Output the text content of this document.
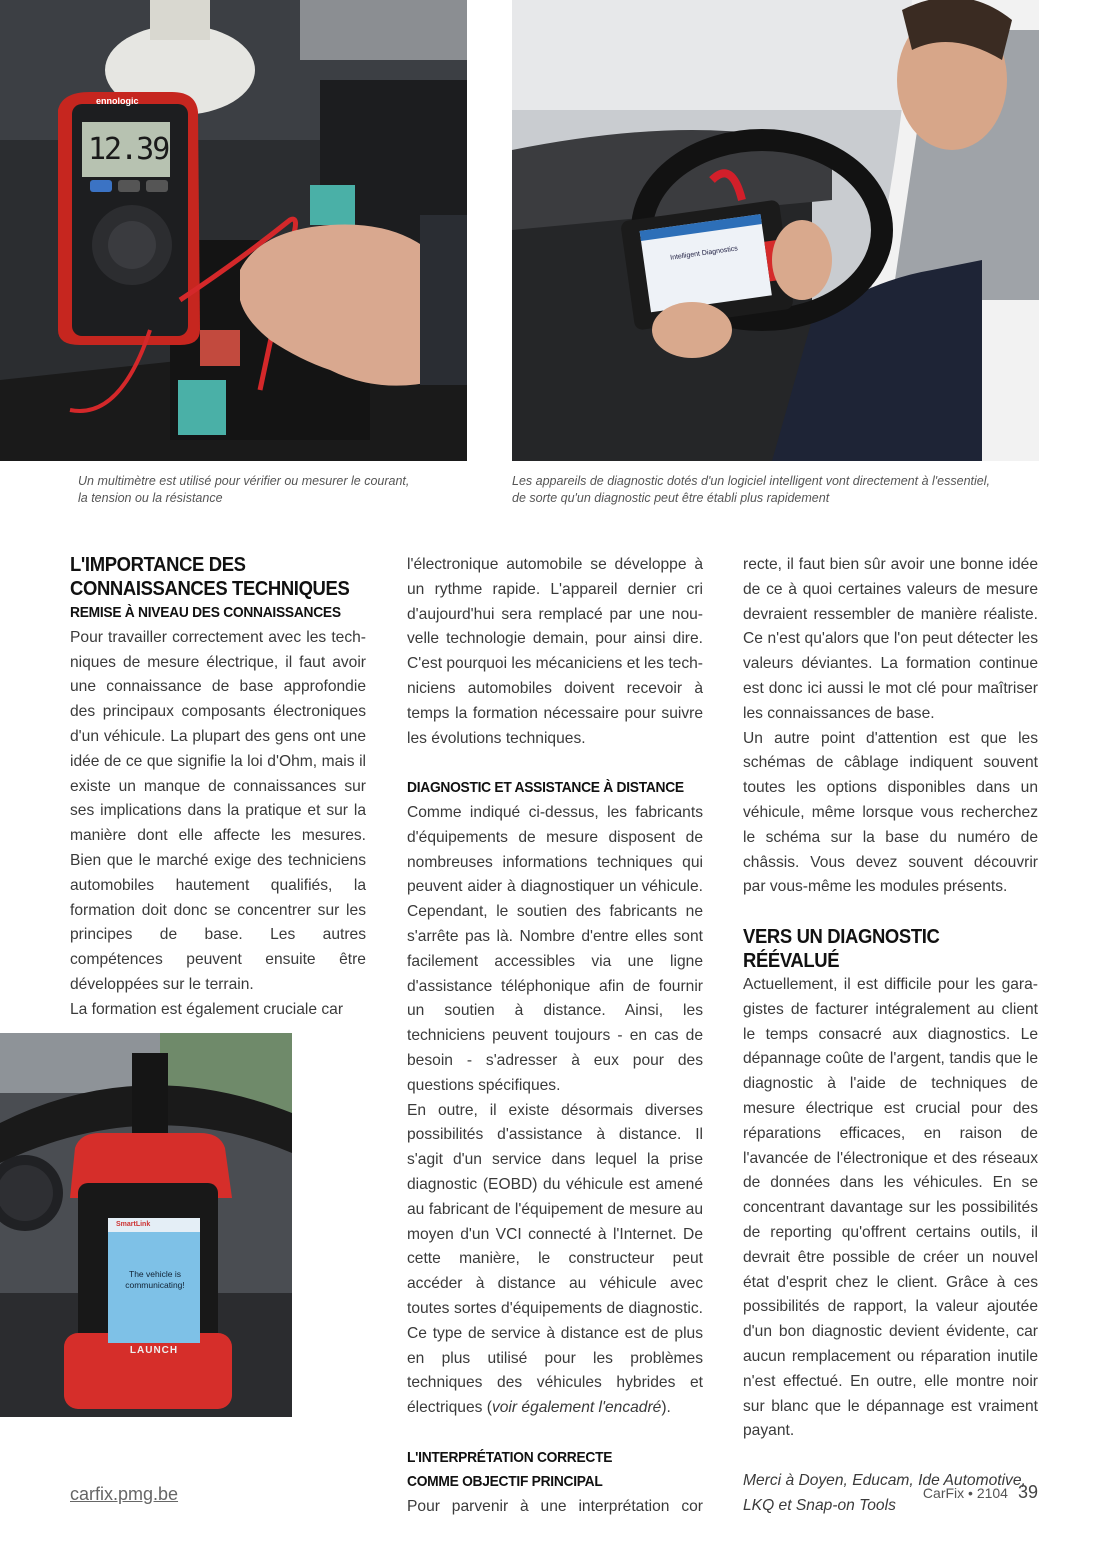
ennologic
12.39
Intelligent Diagnostics
Un multimètre est utilisé pour vérifier ou mesurer le courant,
la tension ou la résistance
Les appareils de diagnostic dotés d'un logiciel intelligent vont directement à l'essentiel,
de sorte qu'un diagnostic peut être établi plus rapidement
SmartLink
The vehicle is communicating!
LAUNCH
L'IMPORTANCE DES CONNAISSANCES TECHNIQUES
REMISE À NIVEAU DES CONNAISSANCES

Pour travailler correctement avec les techniques de mesure électrique, il faut avoir une connaissance de base approfondie des principaux composants électroniques d'un véhicule. La plupart des gens ont une idée de ce que signifie la loi d'Ohm, mais il existe un manque de connaissances sur ses implications dans la pratique et sur la manière dont elle affecte les mesures. Bien que le marché exige des techniciens automobiles hautement qualifiés, la formation doit donc se concentrer sur les principes de base. Les autres compétences peuvent ensuite être développées sur le terrain.

La formation est également cruciale car

l'électronique automobile se développe à un rythme rapide. L'appareil dernier cri d'aujourd'hui sera remplacé par une nouvelle technologie demain, pour ainsi dire. C'est pourquoi les mécaniciens et les techniciens automobiles doivent recevoir à temps la formation nécessaire pour suivre les évolutions techniques.

DIAGNOSTIC ET ASSISTANCE À DISTANCE

Comme indiqué ci-dessus, les fabricants d'équipements de mesure disposent de nombreuses informations techniques qui peuvent aider à diagnostiquer un véhicule. Cependant, le soutien des fabricants ne s'arrête pas là. Nombre d'entre elles sont facilement accessibles via une ligne d'assistance téléphonique afin de fournir un soutien à distance. Ainsi, les techniciens peuvent toujours - en cas de besoin - s'adresser à eux pour des questions spécifiques.

En outre, il existe désormais diverses possibilités d'assistance à distance. Il s'agit d'un service dans lequel la prise diagnostic (EOBD) du véhicule est amené au fabricant de l'équipement de mesure au moyen d'un VCI connecté à l'Internet. De cette manière, le constructeur peut accéder à distance au véhicule avec toutes sortes d'équipements de diagnostic. Ce type de service à distance est de plus en plus utilisé pour les problèmes techniques des véhicules hybrides et électriques (voir également l'encadré).

L'INTERPRÉTATION CORRECTE
COMME OBJECTIF PRINCIPAL

Pour parvenir à une interprétation cor

recte, il faut bien sûr avoir une bonne idée de ce à quoi certaines valeurs de mesure devraient ressembler de manière réaliste. Ce n'est qu'alors que l'on peut détecter les valeurs déviantes. La formation continue est donc ici aussi le mot clé pour maîtriser les connaissances de base.

Un autre point d'attention est que les schémas de câblage indiquent souvent toutes les options disponibles dans un véhicule, même lorsque vous recherchez le schéma sur la base du numéro de châssis. Vous devez souvent découvrir par vous-même les modules présents.

VERS UN DIAGNOSTIC RÉÉVALUÉ

Actuellement, il est difficile pour les garagistes de facturer intégralement au client le temps consacré aux diagnostics. Le dépannage coûte de l'argent, tandis que le diagnostic à l'aide de techniques de mesure électrique est crucial pour des réparations efficaces, en raison de l'avancée de l'électronique et des réseaux de données dans les véhicules. En se concentrant davantage sur les possibilités de reporting qu'offrent certains outils, il devrait être possible de créer un nouvel état d'esprit chez le client. Grâce à ces possibilités de rapport, la valeur ajoutée d'un bon diagnostic devient évidente, car aucun remplacement ou réparation inutile n'est effectué. En outre, elle montre noir sur blanc que le dépannage est vraiment payant.

Merci à Doyen, Educam, Ide Automotive, LKQ et Snap-on Tools

carfix.pmg.be	CarFix • 2104 39
